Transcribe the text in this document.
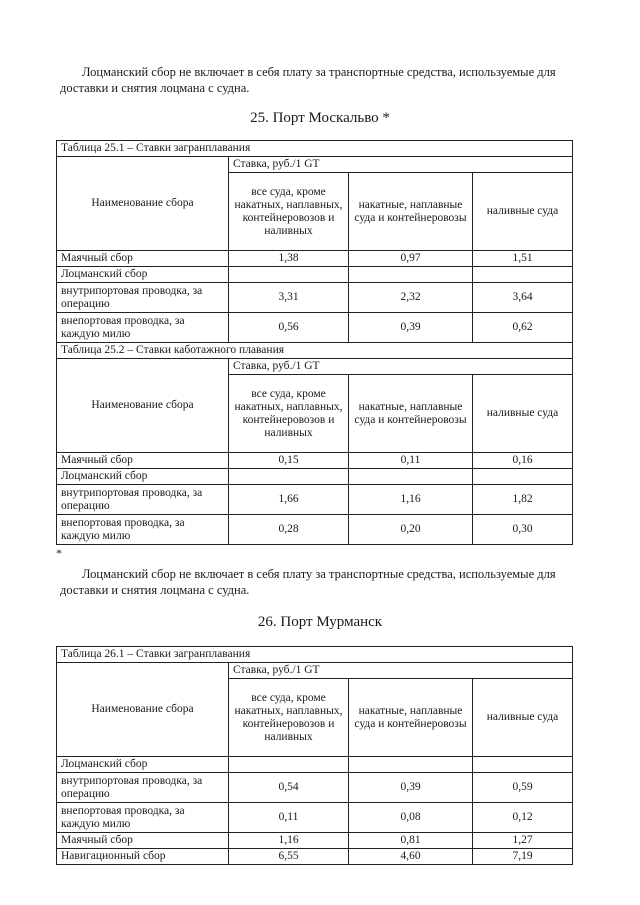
Лоцманский сбор не включает в себя плату за транспортные средства, используемые для доставки и снятия лоцмана с судна.
25. Порт Москальво *
Таблица 25.1 – Ставки загранплавания			
Наименование сбора	Ставка, руб./1 GT		
	все суда, кроме накатных, наплавных, контейнеровозов и наливных	накатные, наплавные суда и контейнеровозы	наливные суда
Маячный сбор	1,38	0,97	1,51
Лоцманский сбор			
внутрипортовая проводка, за операцию	3,31	2,32	3,64
внепортовая проводка, за каждую милю	0,56	0,39	0,62
Таблица 25.2 – Ставки каботажного плавания			
Наименование сбора	Ставка, руб./1 GT		
	все суда, кроме накатных, наплавных, контейнеровозов и наливных	накатные, наплавные суда и контейнеровозы	наливные суда
Маячный сбор	0,15	0,11	0,16
Лоцманский сбор			
внутрипортовая проводка, за операцию	1,66	1,16	1,82
внепортовая проводка, за каждую милю	0,28	0,20	0,30
*
Лоцманский сбор не включает в себя плату за транспортные средства, используемые для доставки и снятия лоцмана с судна.
26. Порт Мурманск
Таблица 26.1 – Ставки загранплавания			
Наименование сбора	Ставка, руб./1 GT		
	все суда, кроме накатных, наплавных, контейнеровозов и наливных	накатные, наплавные суда и контейнеровозы	наливные суда
Лоцманский сбор			
внутрипортовая проводка, за операцию	0,54	0,39	0,59
внепортовая проводка, за каждую милю	0,11	0,08	0,12
Маячный сбор	1,16	0,81	1,27
Навигационный сбор	6,55	4,60	7,19
